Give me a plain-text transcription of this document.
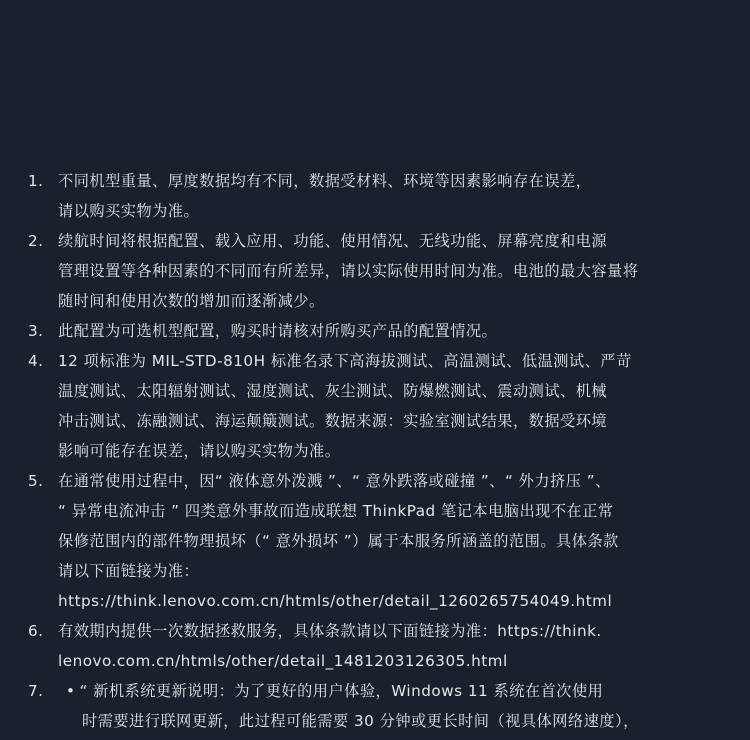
1. 不同机型重量、厚度数据均有不同，数据受材料、环境等因素影响存在误差，
请以购买实物为准。
2. 续航时间将根据配置、载入应用、功能、使用情况、无线功能、屏幕亮度和电源
管理设置等各种因素的不同而有所差异，请以实际使用时间为准。电池的最大容量将
随时间和使用次数的增加而逐渐减少。
3. 此配置为可选机型配置，购买时请核对所购买产品的配置情况。
4. 12 项标准为 MIL-STD-810H 标准名录下高海拔测试、高温测试、低温测试、严苛
温度测试、太阳辐射测试、湿度测试、灰尘测试、防爆燃测试、震动测试、机械
冲击测试、冻融测试、海运颠簸测试。数据来源：实验室测试结果，数据受环境
影响可能存在误差，请以购买实物为准。
5. 在通常使用过程中，因“ 液体意外泼溅 ”、“ 意外跌落或碰撞 ”、“ 外力挤压 ”、
“ 异常电流冲击 ” 四类意外事故而造成联想 ThinkPad 笔记本电脑出现不在正常
保修范围内的部件物理损坏（“ 意外损坏 ”）属于本服务所涵盖的范围。具体条款
请以下面链接为准：
https://think.lenovo.com.cn/htmls/other/detail_1260265754049.html
6. 有效期内提供一次数据拯救服务，具体条款请以下面链接为准：https://think.
lenovo.com.cn/htmls/other/detail_1481203126305.html
7.	• “ 新机系统更新说明：为了更好的用户体验，Windows 11 系统在首次使用
时需要进行联网更新，此过程可能需要 30 分钟或更长时间（视具体网络速度），
